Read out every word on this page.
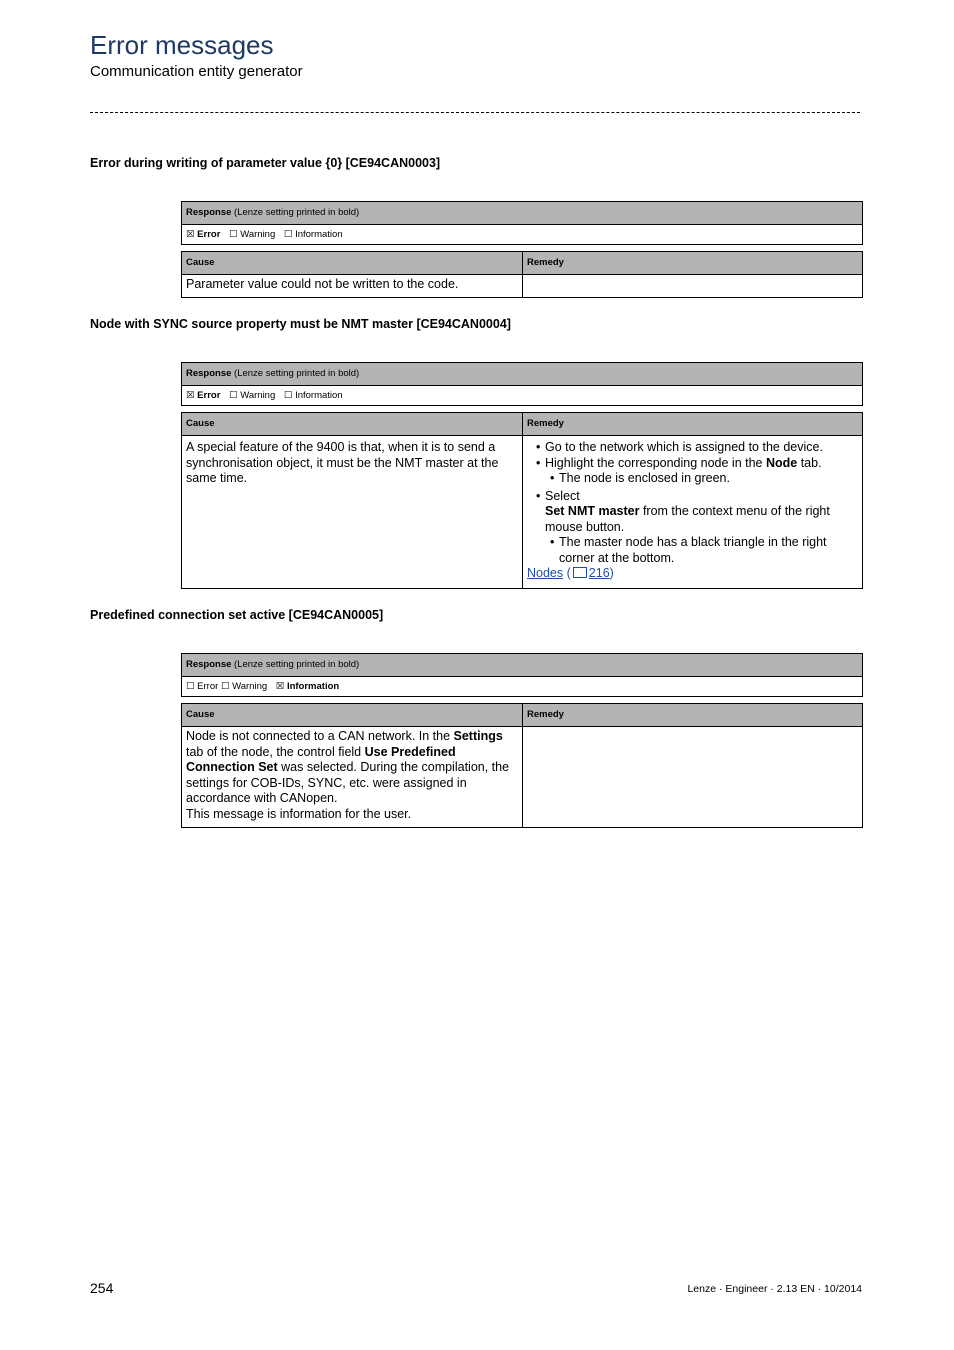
Error messages
Communication entity generator
Error during writing of parameter value {0} [CE94CAN0003]
Response (Lenze setting printed in bold)
☒ Error ☐ Warning ☐ Information
Cause	Remedy
Parameter value could not be written to the code.
Node with SYNC source property must be NMT master [CE94CAN0004]
Response (Lenze setting printed in bold)
☒ Error ☐ Warning ☐ Information
Cause	Remedy
A special feature of the 9400 is that, when it is to send a synchronisation object, it must be the NMT master at the same time.
• Go to the network which is assigned to the device.
• Highlight the corresponding node in the Node tab.
• The node is enclosed in green.
• Select
Set NMT master from the context menu of the right mouse button.
• The master node has a black triangle in the right corner at the bottom.
Nodes ( 216)
Predefined connection set active [CE94CAN0005]
Response (Lenze setting printed in bold)
☐ Error ☐ Warning ☒ Information
Cause	Remedy
Node is not connected to a CAN network. In the Settings tab of the node, the control field Use Predefined Connection Set was selected. During the compilation, the settings for COB-IDs, SYNC, etc. were assigned in accordance with CANopen.
This message is information for the user.
254	Lenze · Engineer · 2.13 EN · 10/2014
